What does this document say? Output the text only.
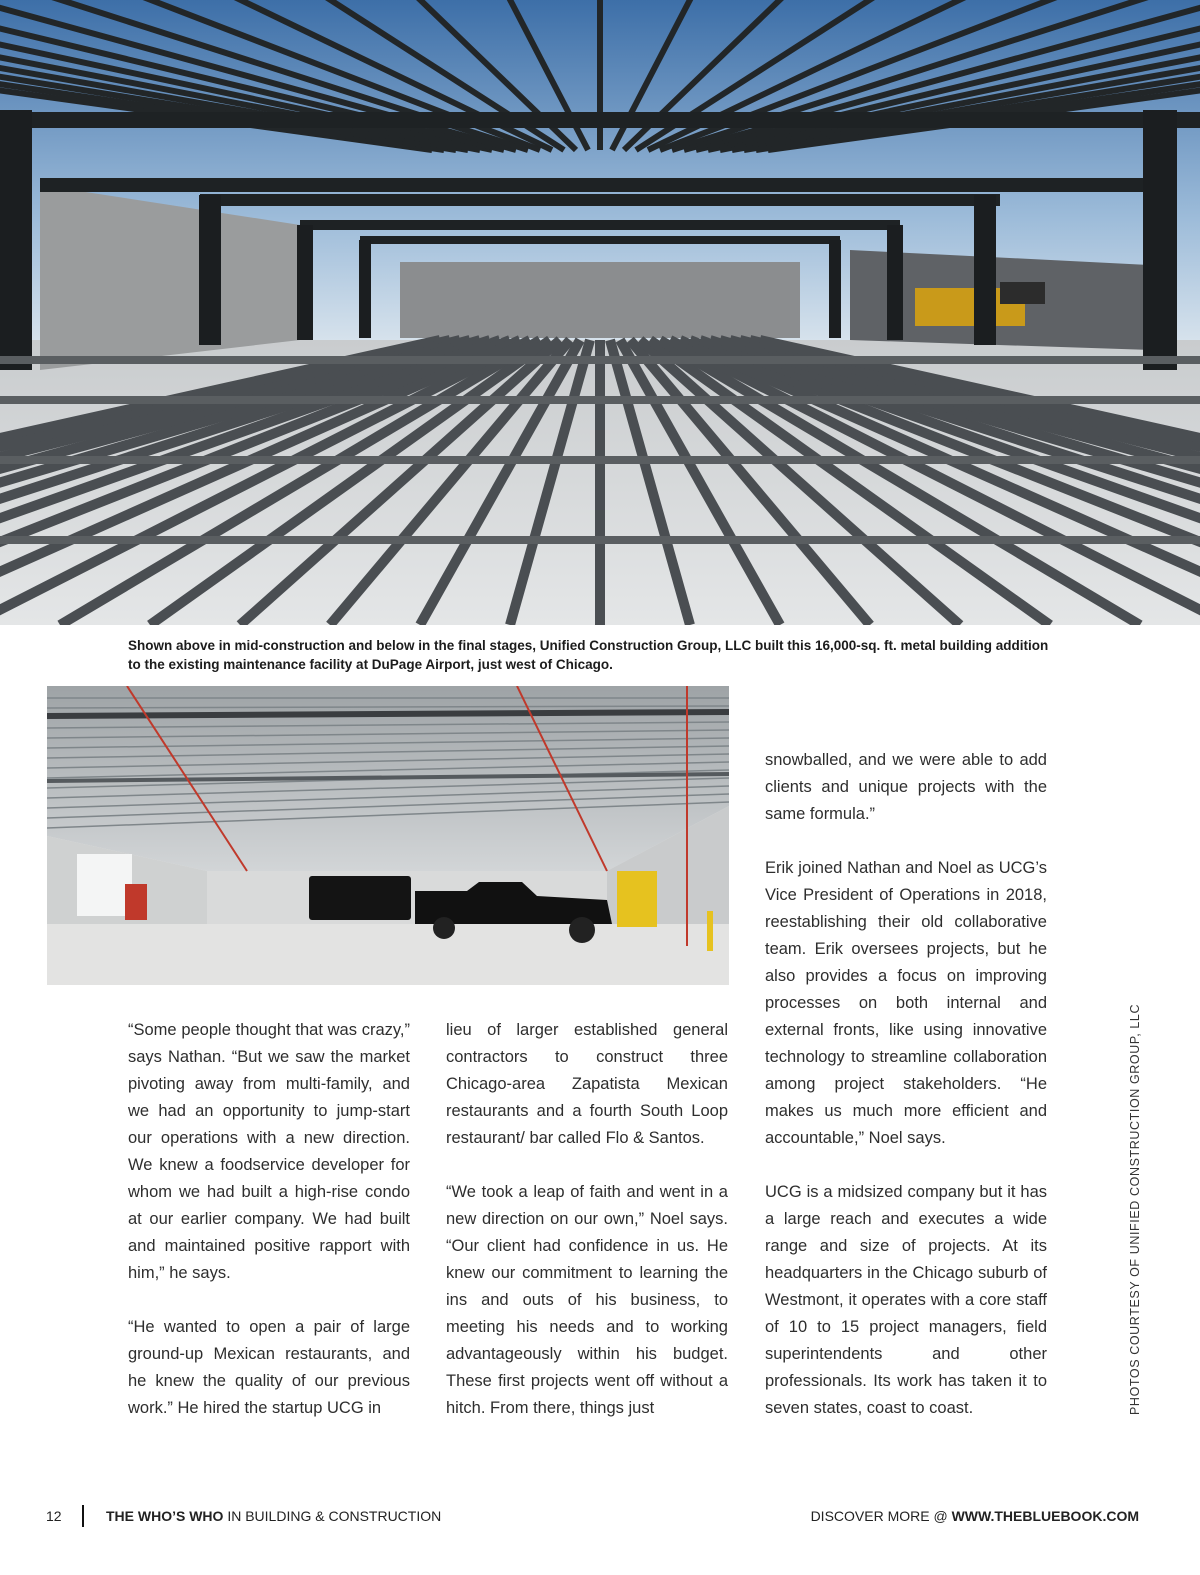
Shown above in mid-construction and below in the final stages, Unified Construction Group, LLC built this 16,000-sq. ft. metal building addition to the existing maintenance facility at DuPage Airport, just west of Chicago.

“Some people thought that was crazy,” says Nathan. “But we saw the market pivoting away from multi-family, and we had an opportunity to jump-start our operations with a new direction. We knew a foodservice developer for whom we had built a high-rise condo at our earlier company. We had built and maintained positive rapport with him,” he says.

“He wanted to open a pair of large ground-up Mexican restaurants, and he knew the quality of our previous work.” He hired the startup UCG in

lieu of larger established general contractors to construct three Chicago-area Zapatista Mexican restaurants and a fourth South Loop restaurant/ bar called Flo & Santos.

“We took a leap of faith and went in a new direction on our own,” Noel says. “Our client had confidence in us. He knew our commitment to learning the ins and outs of his business, to meeting his needs and to working advantageously within his budget. These first projects went off without a hitch. From there, things just

snowballed, and we were able to add clients and unique projects with the same formula.”

Erik joined Nathan and Noel as UCG’s Vice President of Operations in 2018, reestablishing their old collaborative team. Erik oversees projects, but he also provides a focus on improving processes on both internal and external fronts, like using innovative technology to streamline collaboration among project stakeholders. “He makes us much more efficient and accountable,” Noel says.

UCG is a midsized company but it has a large reach and executes a wide range and size of projects. At its headquarters in the Chicago suburb of Westmont, it operates with a core staff of 10 to 15 project managers, field superintendents and other professionals. Its work has taken it to seven states, coast to coast.	PHOTOS COURTESY OF UNIFIED CONSTRUCTION GROUP, LLC
12	THE WHO’S WHO IN BUILDING & CONSTRUCTION	DISCOVER MORE @ WWW.THEBLUEBOOK.COM
